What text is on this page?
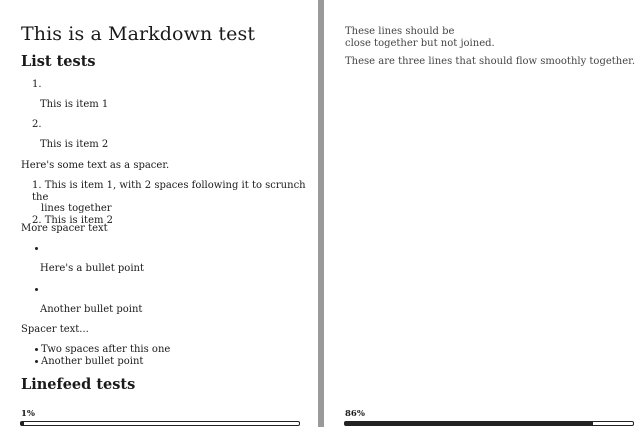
This is a Markdown test
List tests
1.
This is item 1
2.
This is item 2
Here's some text as a spacer.
1. This is item 1, with 2 spaces following it to scrunch the
lines together
2. This is item 2
More spacer text
Here's a bullet point
Another bullet point
Spacer text...
Two spaces after this one
Another bullet point
Linefeed tests
1%

These lines should be

close together but not joined.

These are three lines that should flow smoothly together.

86%
